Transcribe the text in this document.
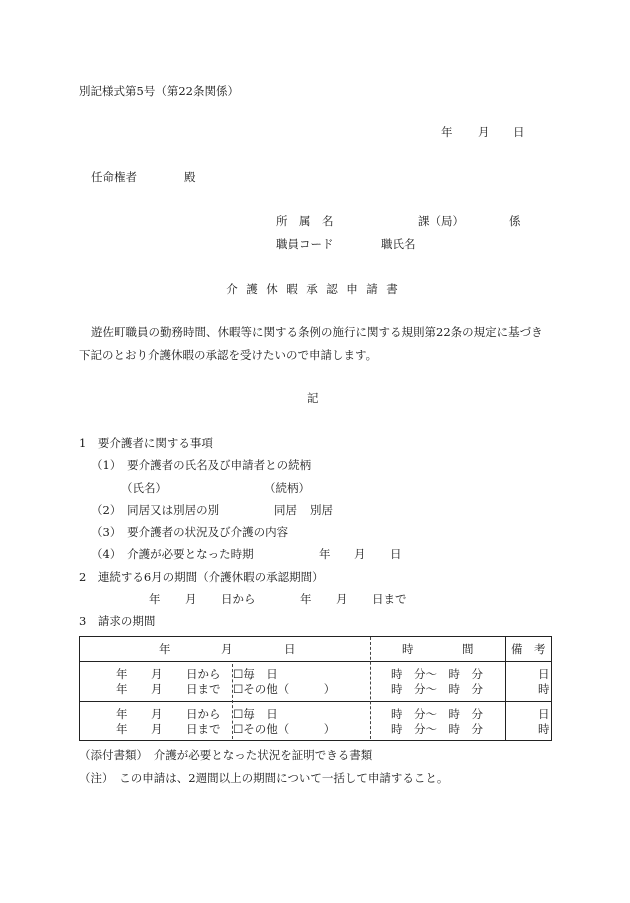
別記様式第5号（第22条関係）
年 月 日
任命権者	殿
所　属　名	課（局）	係
職員コード	職氏名
介 護 休 暇 承 認 申 請 書
遊佐町職員の勤務時間、休暇等に関する条例の施行に関する規則第22条の規定に基づき
下記のとおり介護休暇の承認を受けたいので申請します。
記
1　要介護者に関する事項
（1）　要介護者の氏名及び申請者との続柄
（氏名）	（続柄）
（2）　同居又は別居の別	同居 別居
（3）　要介護者の状況及び介護の内容
（4）　介護が必要となった時期	年 月 日
2　連続する6月の期間（介護休暇の承認期間）
年 月 日から	年 月 日まで
3　請求の期間
年	月	日	時	間	備　考
年 月 日から ☐毎　日	時　分～　時　分	日
年 月 日まで ☐その他（　　　）	時　分～　時　分	時
年 月 日から ☐毎　日	時　分～　時　分	日
年 月 日まで ☐その他（　　　）	時　分～　時　分	時
（添付書類）　介護が必要となった状況を証明できる書類
（注）　この申請は、2週間以上の期間について一括して申請すること。
